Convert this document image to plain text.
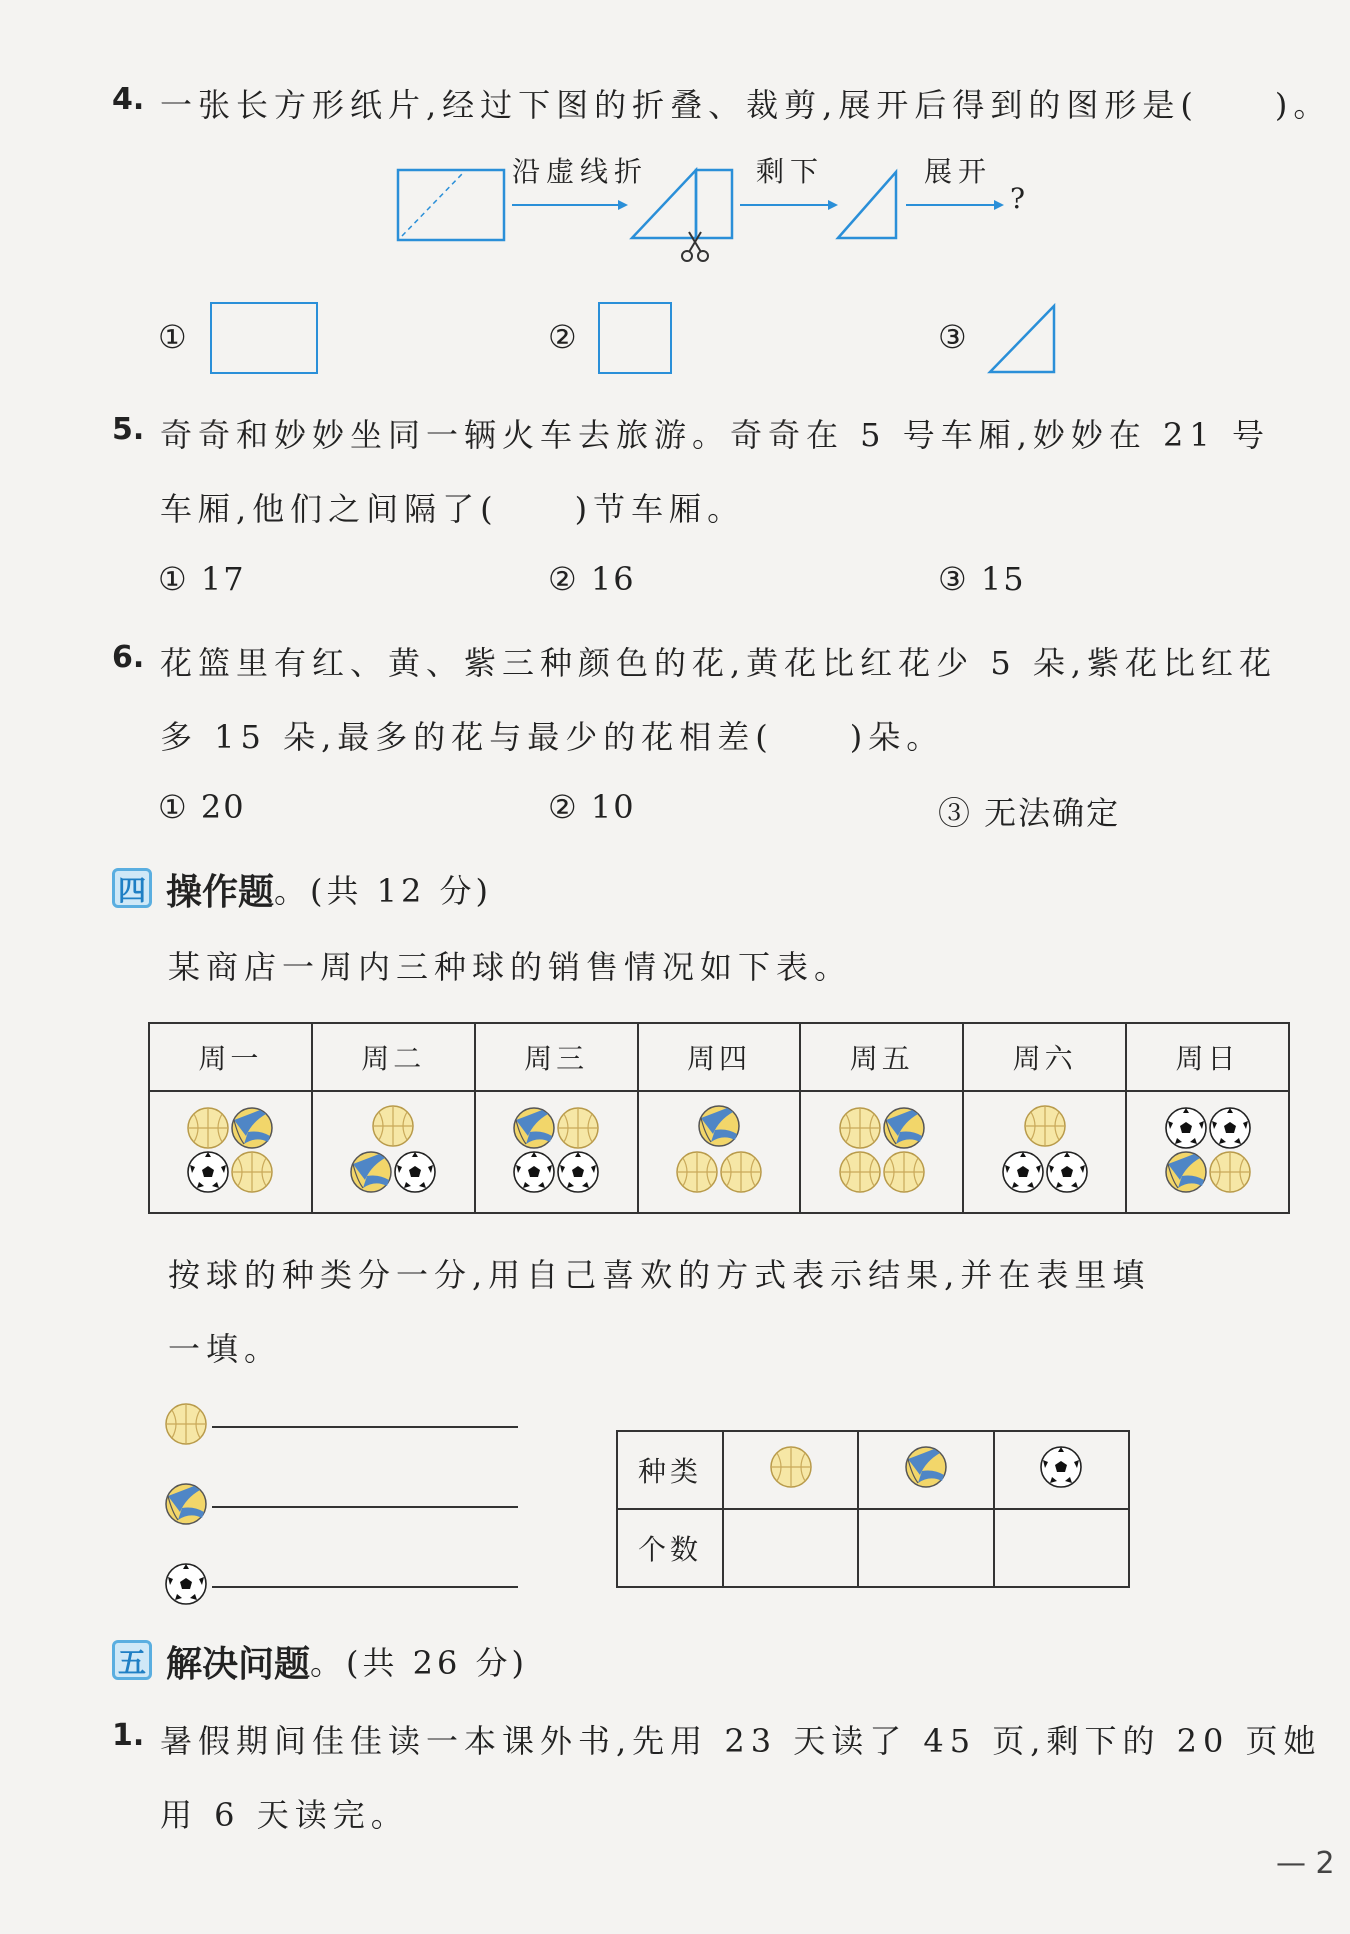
4. 一张长方形纸片,经过下图的折叠、裁剪,展开后得到的图形是(　　)。
沿虚线折	剩下	展开
?
①	②	③
5. 奇奇和妙妙坐同一辆火车去旅游。奇奇在 5 号车厢,妙妙在 21 号
车厢,他们之间隔了(　　)节车厢。
① 17	② 16	③ 15
6. 花篮里有红、黄、紫三种颜色的花,黄花比红花少 5 朵,紫花比红花
多 15 朵,最多的花与最少的花相差(　　)朵。
① 20	② 10	③ 无法确定
四 操作题 。(共 12 分)
某商店一周内三种球的销售情况如下表。
周一	周二	周三	周四	周五	周六	周日

按球的种类分一分,用自己喜欢的方式表示结果,并在表里填
一填。
种类			
个数			
五 解决问题 。(共 26 分)
1. 暑假期间佳佳读一本课外书,先用 23 天读了 45 页,剩下的 20 页她
用 6 天读完。
— 2
